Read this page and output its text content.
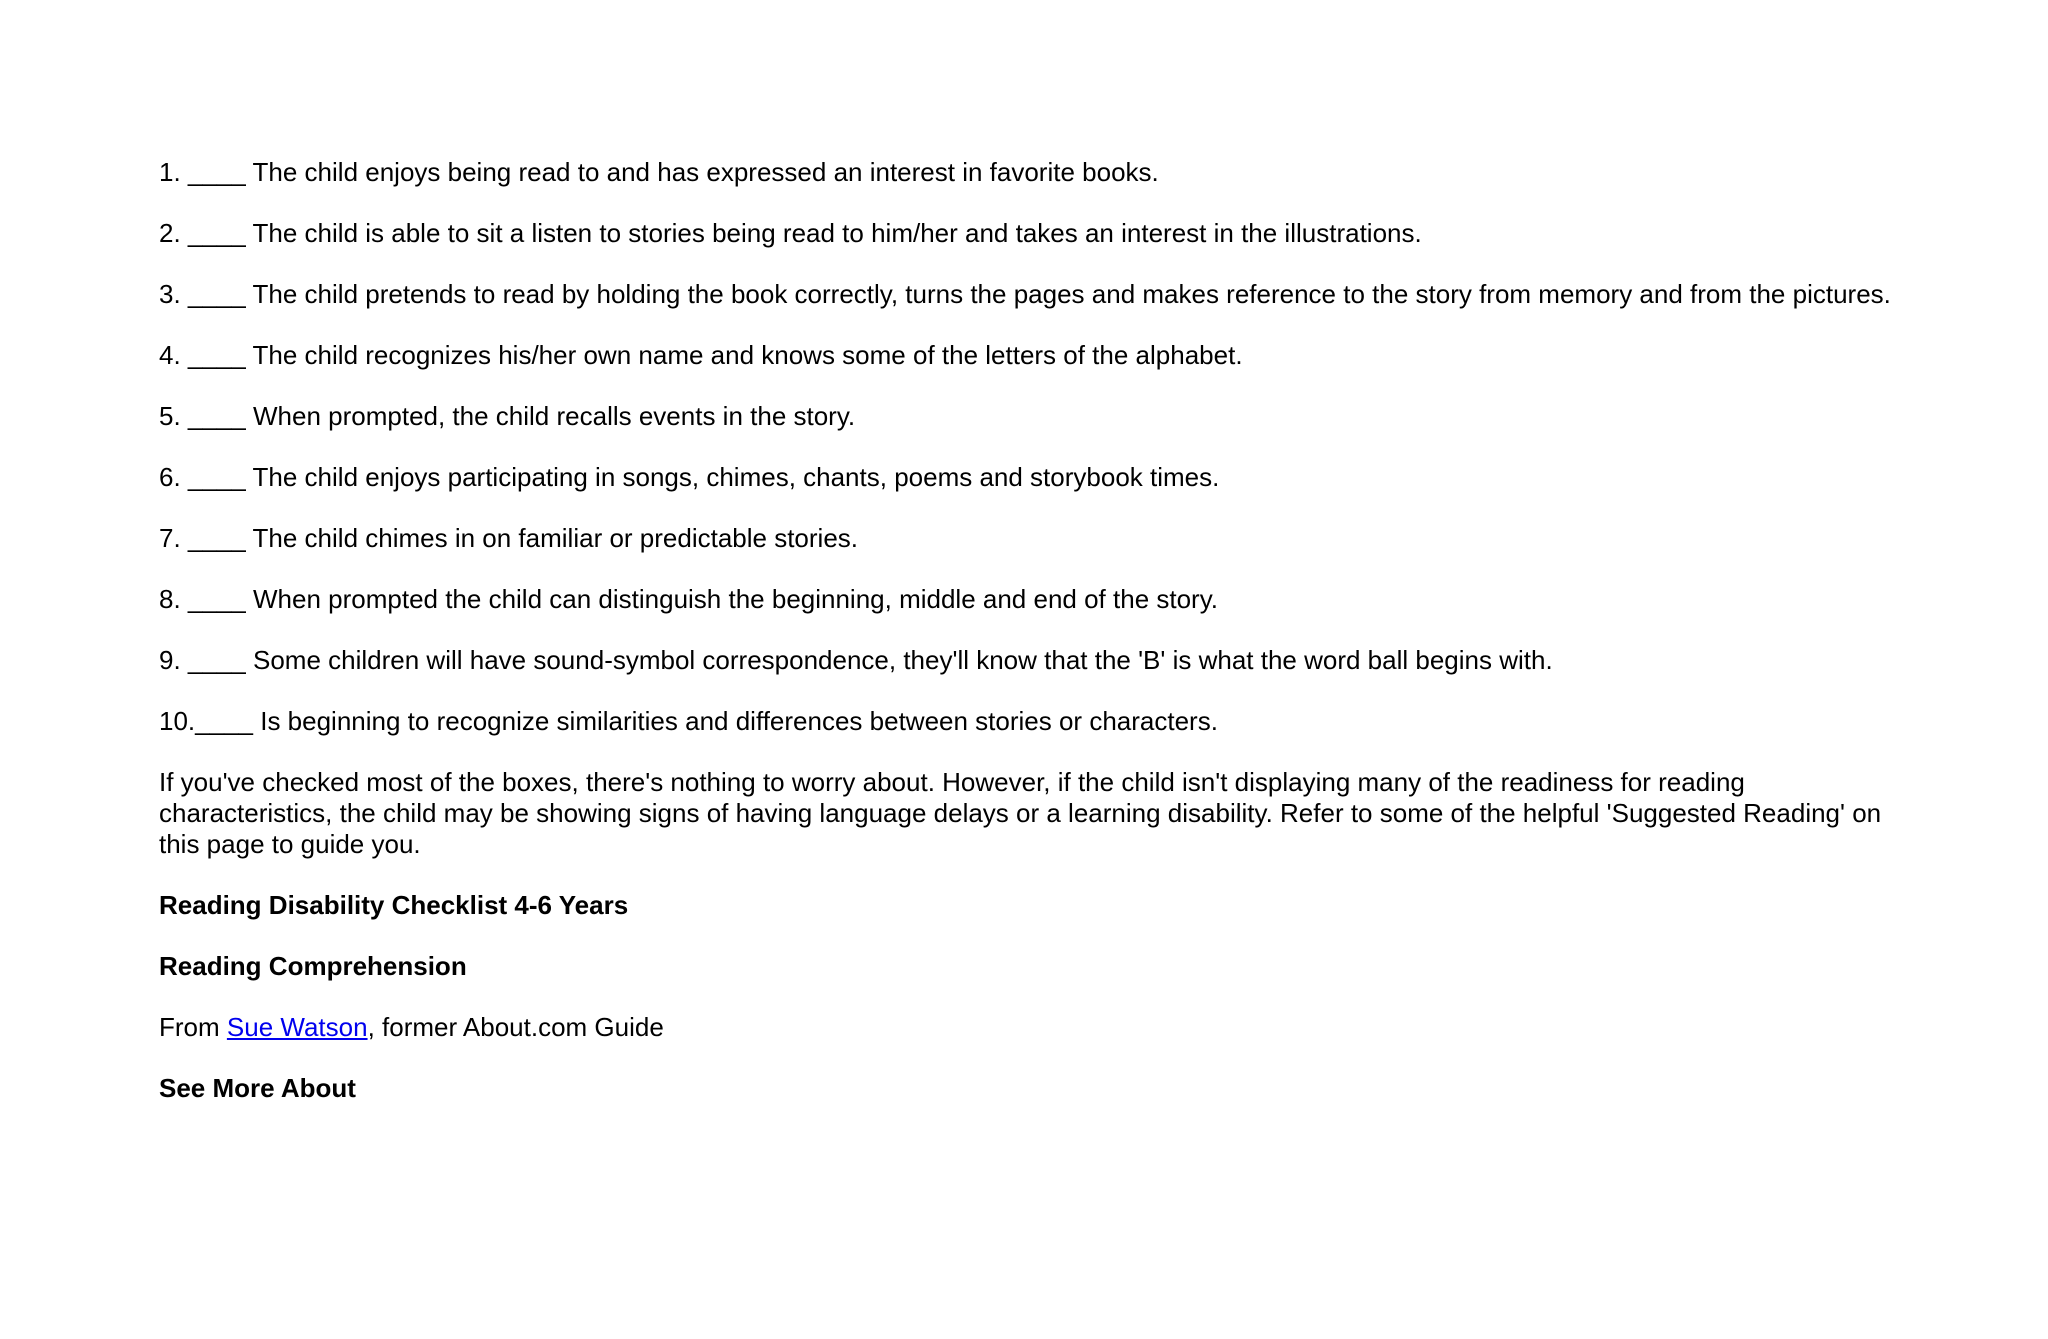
1. ____ The child enjoys being read to and has expressed an interest in favorite books.

2. ____ The child is able to sit a listen to stories being read to him/her and takes an interest in the illustrations.

3. ____ The child pretends to read by holding the book correctly, turns the pages and makes reference to the story from memory and from the pictures.

4. ____ The child recognizes his/her own name and knows some of the letters of the alphabet.

5. ____ When prompted, the child recalls events in the story.

6. ____ The child enjoys participating in songs, chimes, chants, poems and storybook times.

7. ____ The child chimes in on familiar or predictable stories.

8. ____ When prompted the child can distinguish the beginning, middle and end of the story.

9. ____ Some children will have sound-symbol correspondence, they'll know that the 'B' is what the word ball begins with.

10.____ Is beginning to recognize similarities and differences between stories or characters.

If you've checked most of the boxes, there's nothing to worry about. However, if the child isn't displaying many of the readiness for reading characteristics, the child may be showing signs of having language delays or a learning disability. Refer to some of the helpful 'Suggested Reading' on this page to guide you.

Reading Disability Checklist 4-6 Years

Reading Comprehension

From Sue Watson, former About.com Guide

See More About
